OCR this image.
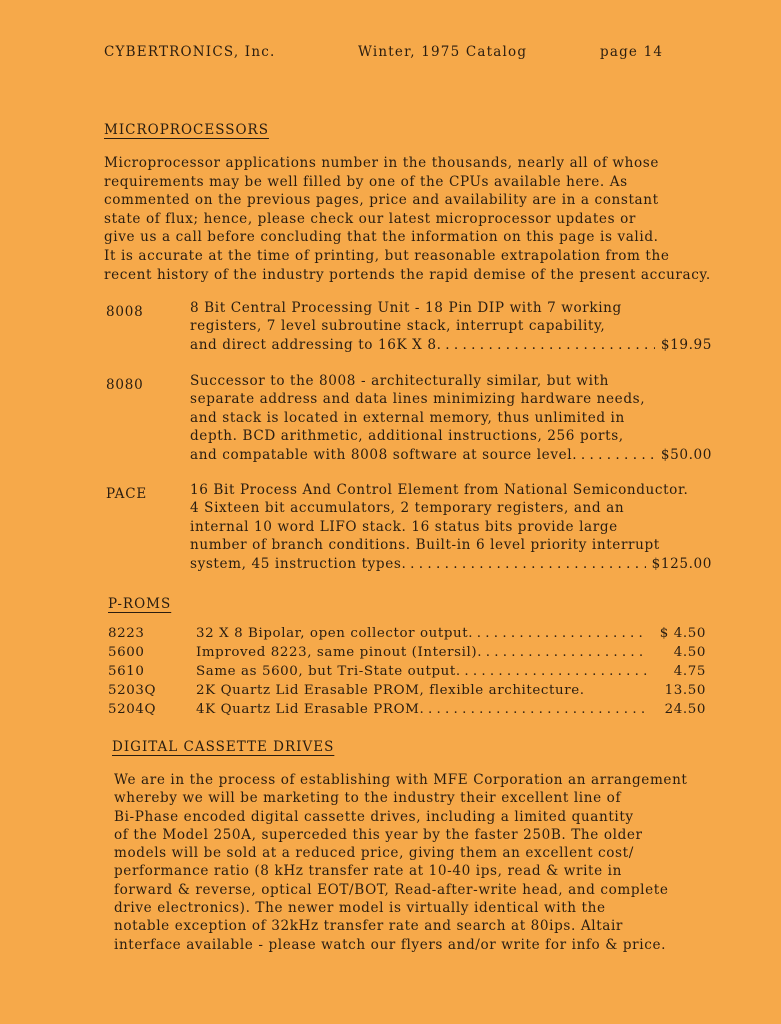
CYBERTRONICS, Inc.	Winter, 1975 Catalog	page 14
MICROPROCESSORS
Microprocessor applications number in the thousands, nearly all of whose
requirements may be well filled by one of the CPUs available here. As
commented on the previous pages, price and availability are in a constant
state of flux; hence, please check our latest microprocessor updates or
give us a call before concluding that the information on this page is valid.
It is accurate at the time of printing, but reasonable extrapolation from the
recent history of the industry portends the rapid demise of the present accuracy.
8008	8 Bit Central Processing Unit - 18 Pin DIP with 7 working
registers, 7 level subroutine stack, interrupt capability,
and direct addressing to 16K X 8 . . .	$19.95
8080	Successor to the 8008 - architecturally similar, but with
separate address and data lines minimizing hardware needs,
and stack is located in external memory, thus unlimited in
depth. BCD arithmetic, additional instructions, 256 ports,
and compatable with 8008 software at source level . . .	$50.00
PACE	16 Bit Process And Control Element from National Semiconductor.
4 Sixteen bit accumulators, 2 temporary registers, and an
internal 10 word LIFO stack. 16 status bits provide large
number of branch conditions. Built-in 6 level priority interrupt
system, 45 instruction types . . .	$125.00
P-ROMS
8223	32 X 8 Bipolar, open collector output . . .	$ 4.50
5600	Improved 8223, same pinout (Intersil) . . .	4.50
5610	Same as 5600, but Tri-State output . . .	4.75
5203Q	2K Quartz Lid Erasable PROM, flexible architecture.	13.50
5204Q	4K Quartz Lid Erasable PROM . . .	24.50
DIGITAL CASSETTE DRIVES
We are in the process of establishing with MFE Corporation an arrangement
whereby we will be marketing to the industry their excellent line of
Bi-Phase encoded digital cassette drives, including a limited quantity
of the Model 250A, superceded this year by the faster 250B. The older
models will be sold at a reduced price, giving them an excellent cost/
performance ratio (8 kHz transfer rate at 10-40 ips, read & write in
forward & reverse, optical EOT/BOT, Read-after-write head, and complete
drive electronics). The newer model is virtually identical with the
notable exception of 32kHz transfer rate and search at 80ips. Altair
interface available - please watch our flyers and/or write for info & price.
